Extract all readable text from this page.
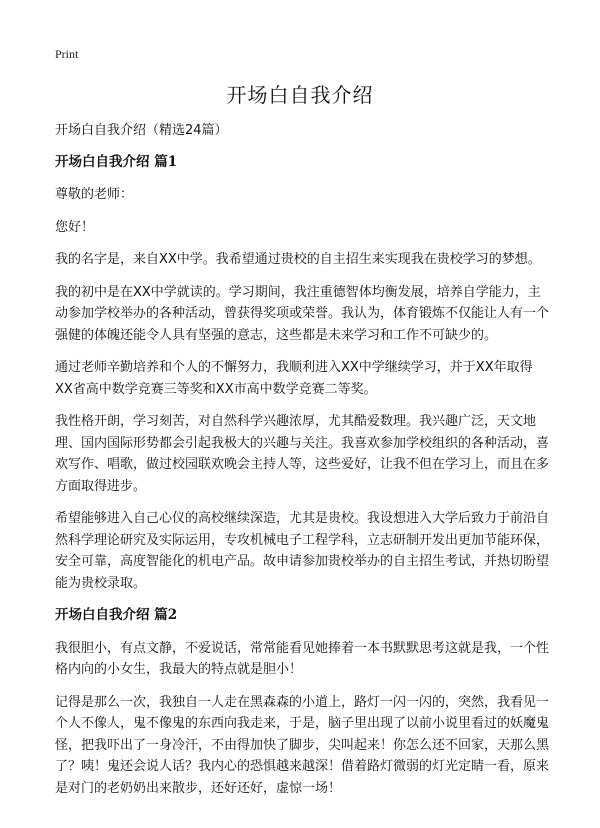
Print
开场白自我介绍

开场白自我介绍（精选24篇）

开场白自我介绍 篇1

尊敬的老师：

您好！

我的名字是，来自XX中学。我希望通过贵校的自主招生来实现我在贵校学习的梦想。

我的初中是在XX中学就读的。学习期间，我注重德智体均衡发展，培养自学能力，主动参加学校举办的各种活动，曾获得奖项或荣誉。我认为，体育锻炼不仅能让人有一个强健的体魄还能令人具有坚强的意志，这些都是未来学习和工作不可缺少的。

通过老师辛勤培养和个人的不懈努力，我顺利进入XX中学继续学习，并于XX年取得XX省高中数学竞赛三等奖和XX市高中数学竞赛二等奖。

我性格开朗，学习刻苦，对自然科学兴趣浓厚，尤其酷爱数理。我兴趣广泛，天文地理、国内国际形势都会引起我极大的兴趣与关注。我喜欢参加学校组织的各种活动，喜欢写作、唱歌，做过校园联欢晚会主持人等，这些爱好，让我不但在学习上，而且在多方面取得进步。

希望能够进入自己心仪的高校继续深造，尤其是贵校。我设想进入大学后致力于前沿自然科学理论研究及实际运用，专攻机械电子工程学科，立志研制开发出更加节能环保，安全可靠，高度智能化的机电产品。故申请参加贵校举办的自主招生考试，并热切盼望能为贵校录取。

开场白自我介绍 篇2

我很胆小，有点文静，不爱说话，常常能看见她捧着一本书默默思考这就是我，一个性格内向的小女生，我最大的特点就是胆小！

记得是那么一次，我独自一人走在黑森森的小道上，路灯一闪一闪的，突然，我看见一个人不像人，鬼不像鬼的东西向我走来，于是，脑子里出现了以前小说里看过的妖魔鬼怪，把我吓出了一身冷汗，不由得加快了脚步，尖叫起来！你怎么还不回家，天那么黑了？咦！鬼还会说人话？我内心的恐惧越来越深！借着路灯微弱的灯光定睛一看，原来是对门的老奶奶出来散步，还好还好，虚惊一场！
